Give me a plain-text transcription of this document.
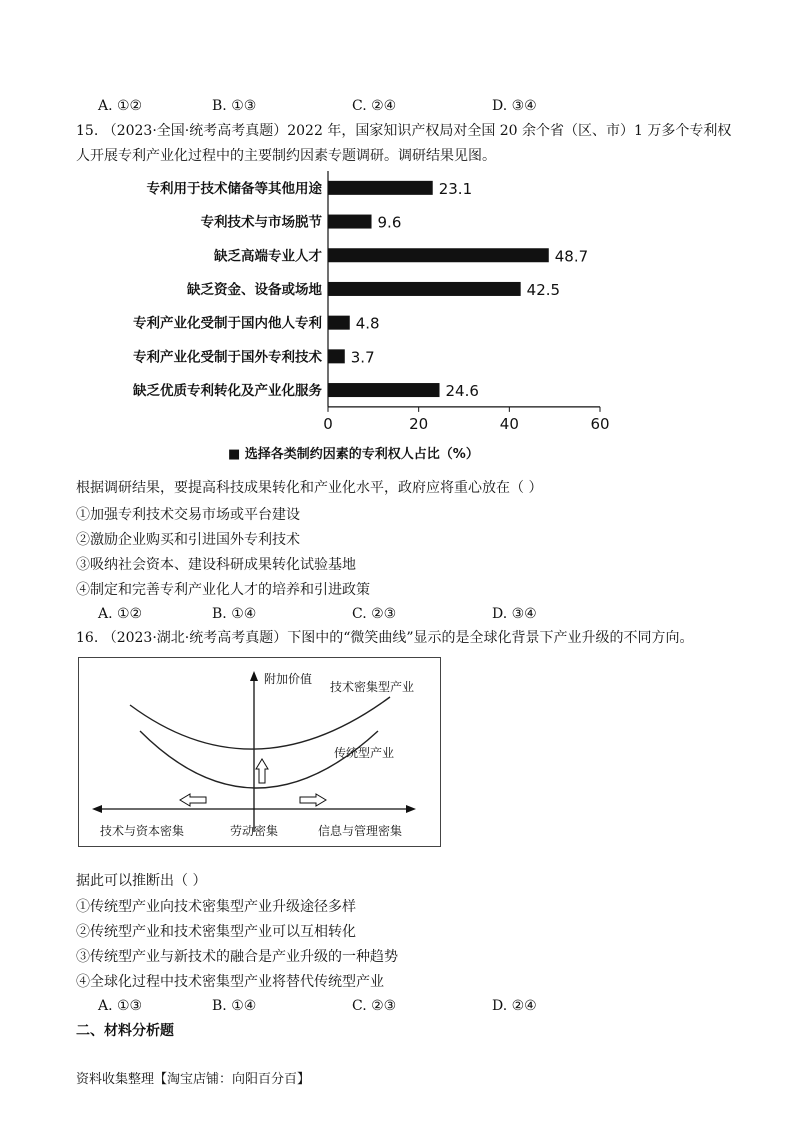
A. ①②	B. ①③	C. ②④	D. ③④
15. （2023·全国·统考高考真题）2022 年，国家知识产权局对全国 20 余个省（区、市）1 万多个专利权
人开展专利产业化过程中的主要制约因素专题调研。调研结果见图。
专利用于技术储备等其他用途	23.1
专利技术与市场脱节	9.6
缺乏高端专业人才	48.7
缺乏资金、设备或场地	42.5
专利产业化受制于国内他人专利 4.8
专利产业化受制于国外专利技术 3.7
缺乏优质专利转化及产业化服务	24.6
0	20	40	60
■ 选择各类制约因素的专利权人占比（%）
根据调研结果，要提高科技成果转化和产业化水平，政府应将重心放在（ ）
①加强专利技术交易市场或平台建设
②激励企业购买和引进国外专利技术
③吸纳社会资本、建设科研成果转化试验基地
④制定和完善专利产业化人才的培养和引进政策
A. ①②	B. ①④	C. ②③	D. ③④
16. （2023·湖北·统考高考真题）下图中的“微笑曲线”显示的是全球化背景下产业升级的不同方向。
附加价值
技术密集型产业
传统型产业
技术与资本密集	劳动密集	信息与管理密集
据此可以推断出（ ）
①传统型产业向技术密集型产业升级途径多样
②传统型产业和技术密集型产业可以互相转化
③传统型产业与新技术的融合是产业升级的一种趋势
④全球化过程中技术密集型产业将替代传统型产业
A. ①③	B. ①④	C. ②③	D. ②④
二、材料分析题
资料收集整理【淘宝店铺：向阳百分百】
